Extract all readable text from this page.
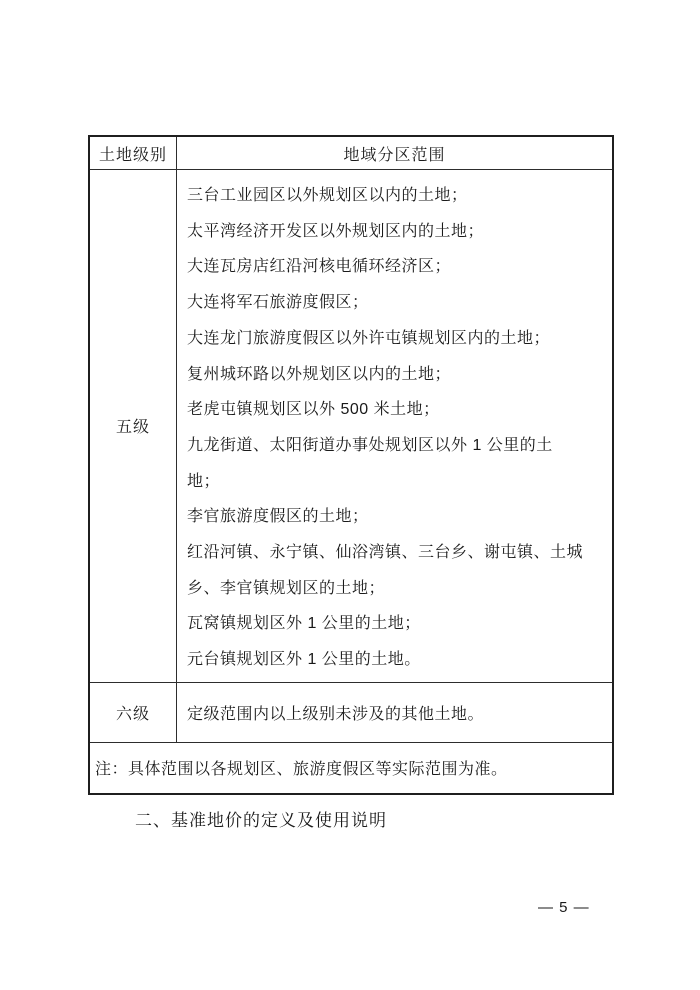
土地级别	地域分区范围
五级
三台工业园区以外规划区以内的土地；
太平湾经济开发区以外规划区内的土地；
大连瓦房店红沿河核电循环经济区；
大连将军石旅游度假区；
大连龙门旅游度假区以外许屯镇规划区内的土地；
复州城环路以外规划区以内的土地；
老虎屯镇规划区以外 500 米土地；
九龙街道、太阳街道办事处规划区以外 1 公里的土
地；
李官旅游度假区的土地；
红沿河镇、永宁镇、仙浴湾镇、三台乡、谢屯镇、土城
乡、李官镇规划区的土地；
瓦窝镇规划区外 1 公里的土地；
元台镇规划区外 1 公里的土地。
六级	定级范围内以上级别未涉及的其他土地。
注：具体范围以各规划区、旅游度假区等实际范围为准。
二、基准地价的定义及使用说明
— 5 —
